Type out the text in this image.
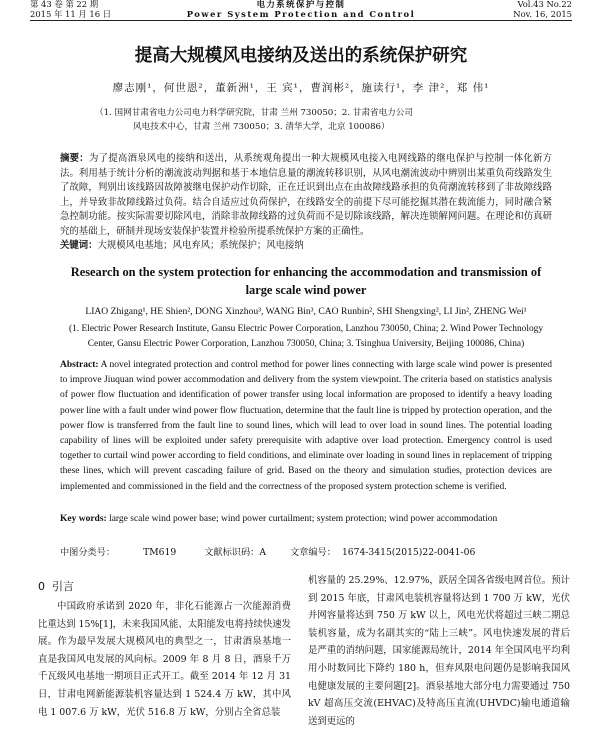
第 43 卷 第 22 期
2015 年 11 月 16 日
电力系统保护与控制
Power System Protection and Control
Vol.43 No.22
Nov. 16, 2015
提高大规模风电接纳及送出的系统保护研究
廖志刚¹，何世恩²，董新洲¹，王 宾¹，曹润彬²，施读行¹，李 津²，郑 伟¹
（1. 国网甘肃省电力公司电力科学研究院，甘肃 兰州 730050；2. 甘肃省电力公司
风电技术中心，甘肃 兰州 730050；3. 清华大学，北京 100086）
摘要：为了提高酒泉风电的接纳和送出，从系统观角提出一种大规模风电接入电网线路的继电保护与控制一体化新方法。利用基于统计分析的潮流波动判据和基于本地信息量的潮流转移识别，从风电潮流波动中辨别出某重负荷线路发生了故障，判别出该线路因故障被继电保护动作切除，正在迁识到出点在由故障线路承担的负荷潮流转移到了非故障线路上，并导致非故障线路过负荷。结合自适应过负荷保护，在线路安全的前提下尽可能挖掘其潜在载流能力，同时融合紧急控制功能。按实际需要切除风电，消除非故障线路的过负荷而不是切除该线路，解决连锁解网问题。在理论和仿真研究的基础上，研制并现场安装保护装置并检验所提系统保护方案的正确性。
关键词：大规模风电基地；风电弃风；系统保护；风电接纳
Research on the system protection for enhancing the accommodation and transmission of
large scale wind power
LIAO Zhigang¹, HE Shien², DONG Xinzhou³, WANG Bin³, CAO Runbin², SHI Shengxing², LI Jin², ZHENG Wei¹
(1. Electric Power Research Institute, Gansu Electric Power Corporation, Lanzhou 730050, China; 2. Wind Power Technology
Center, Gansu Electric Power Corporation, Lanzhou 730050, China; 3. Tsinghua University, Beijing 100086, China)
Abstract: A novel integrated protection and control method for power lines connecting with large scale wind power is presented to improve Jiuquan wind power accommodation and delivery from the system viewpoint. The criteria based on statistics analysis of power flow fluctuation and identification of power transfer using local information are proposed to identify a heavy loading power line with a fault under wind power flow fluctuation, determine that the fault line is tripped by protection operation, and the power flow is transferred from the fault line to sound lines, which will lead to over load in sound lines. The potential loading capability of lines will be exploited under safety prerequisite with adaptive over load protection. Emergency control is used together to curtail wind power according to field conditions, and eliminate over loading in sound lines in replacement of tripping these lines, which will prevent cascading failure of grid. Based on the theory and simulation studies, protection devices are implemented and commissioned in the field and the correctness of the proposed system protection scheme is verified.
Key words: large scale wind power base; wind power curtailment; system protection; wind power accommodation
中图分类号：	TM619	文献标识码：A	文章编号： 1674-3415(2015)22-0041-06
0 引言
中国政府承诺到 2020 年，非化石能源占一次能源消费比重达到 15%[1]，未来我国风能、太阳能发电将持续快速发展。作为最早发展大规模风电的典型之一，甘肃酒泉基地一直是我国风电发展的风向标。2009 年 8 月 8 日，酒泉千万千瓦级风电基地一期项目正式开工。截至 2014 年 12 月 31 日，甘肃电网新能源装机容量达到 1 524.4 万 kW，其中风电 1 007.6 万 kW，光伏 516.8 万 kW，分别占全省总装
机容量的 25.29%、12.97%，跃居全国各省级电网首位。预计到 2015 年底，甘肃风电装机容量将达到 1 700 万 kW，光伏并网容量将达到 750 万 kW 以上，风电光伏将超过三峡二期总装机容量，成为名副其实的“陆上三峡”。风电快速发展的背后是严重的消纳问题，国家能源局统计，2014 年全国风电平均利用小时数同比下降约 180 h，但弃风限电问题仍是影响我国风电健康发展的主要问题[2]。酒泉基地大部分电力需要通过 750 kV 超高压交流(EHVAC)及特高压直流(UHVDC)输电通道输送到更远的
